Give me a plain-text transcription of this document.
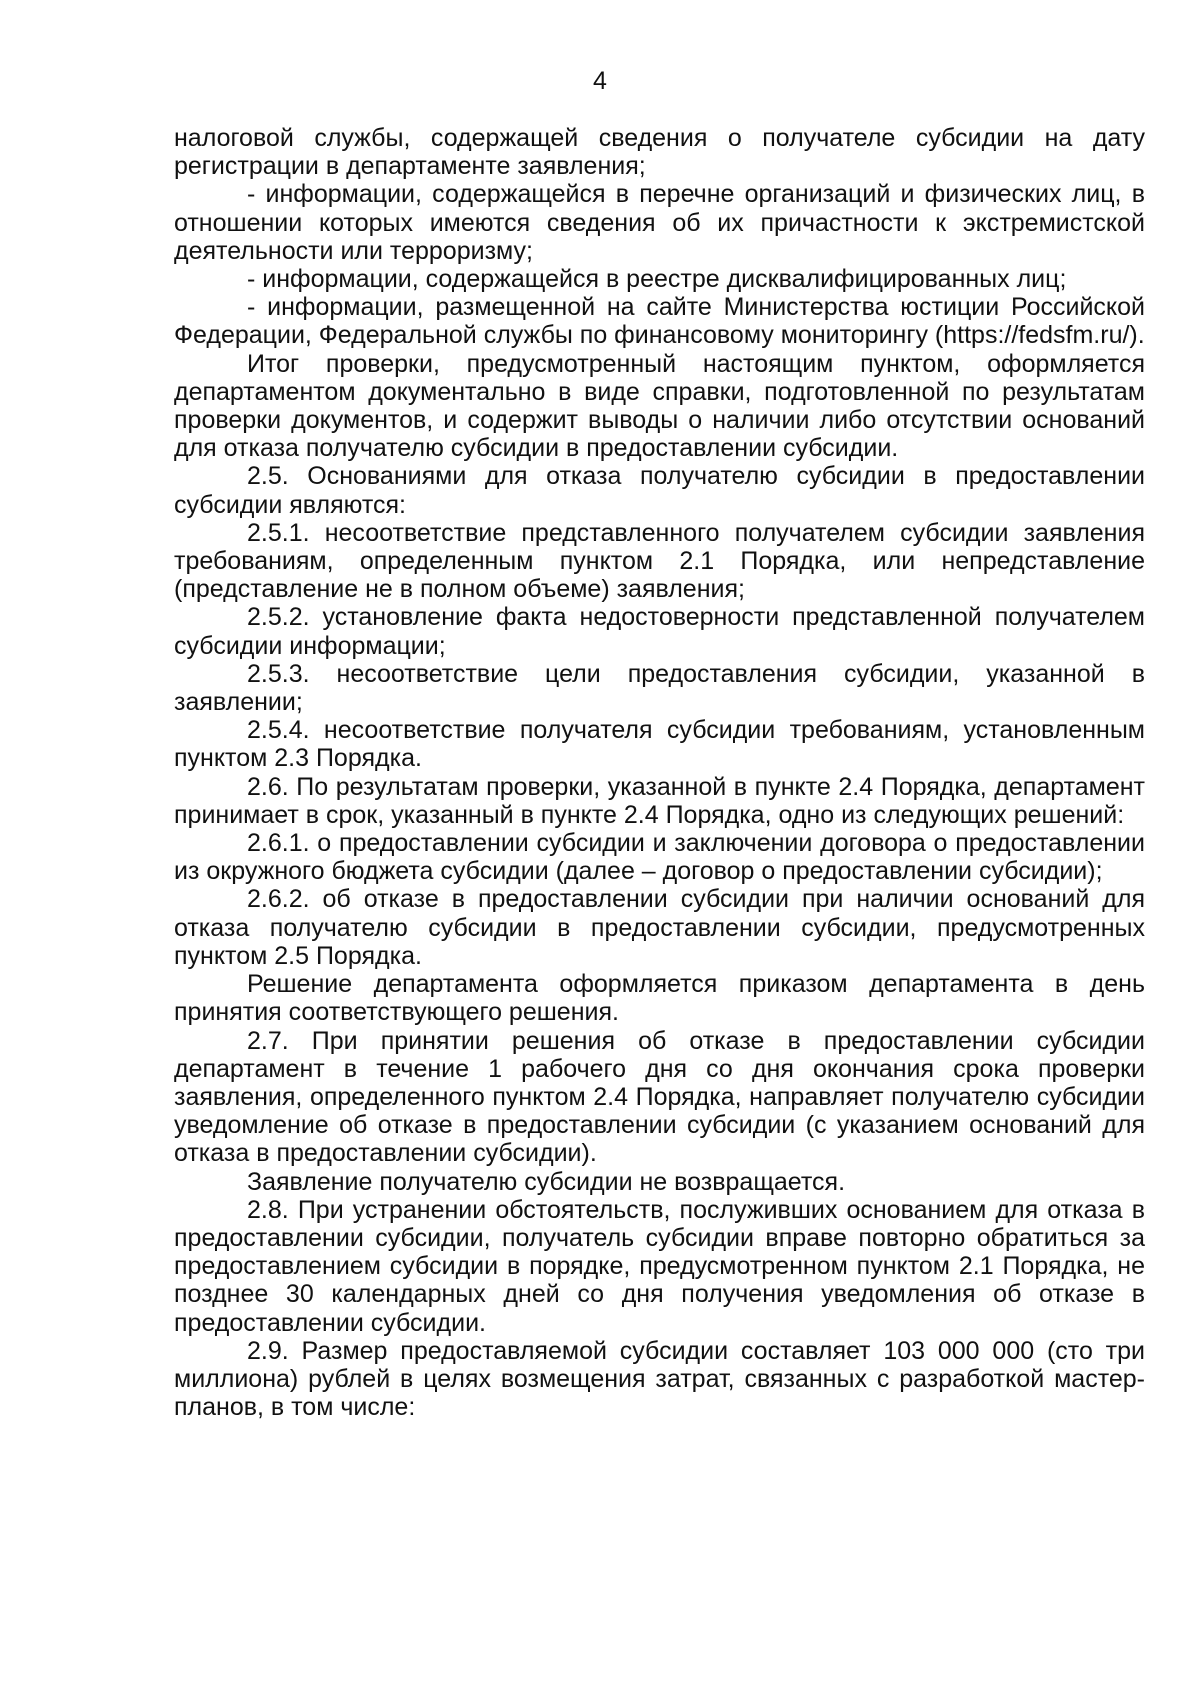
4

налоговой службы, содержащей сведения о получателе субсидии на дату регистрации в департаменте заявления;

- информации, содержащейся в перечне организаций и физических лиц, в отношении которых имеются сведения об их причастности к экстремистской деятельности или терроризму;

- информации, содержащейся в реестре дисквалифицированных лиц;

- информации, размещенной на сайте Министерства юстиции Российской Федерации, Федеральной службы по финансовому мониторингу (https://fedsfm.ru/).

Итог проверки, предусмотренный настоящим пунктом, оформляется департаментом документально в виде справки, подготовленной по результатам проверки документов, и содержит выводы о наличии либо отсутствии оснований для отказа получателю субсидии в предоставлении субсидии.

2.5. Основаниями для отказа получателю субсидии в предоставлении субсидии являются:

2.5.1. несоответствие представленного получателем субсидии заявления требованиям, определенным пунктом 2.1 Порядка, или непредставление (представление не в полном объеме) заявления;

2.5.2. установление факта недостоверности представленной получателем субсидии информации;

2.5.3. несоответствие цели предоставления субсидии, указанной в заявлении;

2.5.4. несоответствие получателя субсидии требованиям, установленным пунктом 2.3 Порядка.

2.6. По результатам проверки, указанной в пункте 2.4 Порядка, департамент принимает в срок, указанный в пункте 2.4 Порядка, одно из следующих решений:

2.6.1. о предоставлении субсидии и заключении договора о предоставлении из окружного бюджета субсидии (далее – договор о предоставлении субсидии);

2.6.2. об отказе в предоставлении субсидии при наличии оснований для отказа получателю субсидии в предоставлении субсидии, предусмотренных пунктом 2.5 Порядка.

Решение департамента оформляется приказом департамента в день принятия соответствующего решения.

2.7. При принятии решения об отказе в предоставлении субсидии департамент в течение 1 рабочего дня со дня окончания срока проверки заявления, определенного пунктом 2.4 Порядка, направляет получателю субсидии уведомление об отказе в предоставлении субсидии (с указанием оснований для отказа в предоставлении субсидии).

Заявление получателю субсидии не возвращается.

2.8. При устранении обстоятельств, послуживших основанием для отказа в предоставлении субсидии, получатель субсидии вправе повторно обратиться за предоставлением субсидии в порядке, предусмотренном пунктом 2.1 Порядка, не позднее 30 календарных дней со дня получения уведомления об отказе в предоставлении субсидии.

2.9. Размер предоставляемой субсидии составляет 103 000 000 (сто три миллиона) рублей в целях возмещения затрат, связанных с разработкой мастер-планов, в том числе:
